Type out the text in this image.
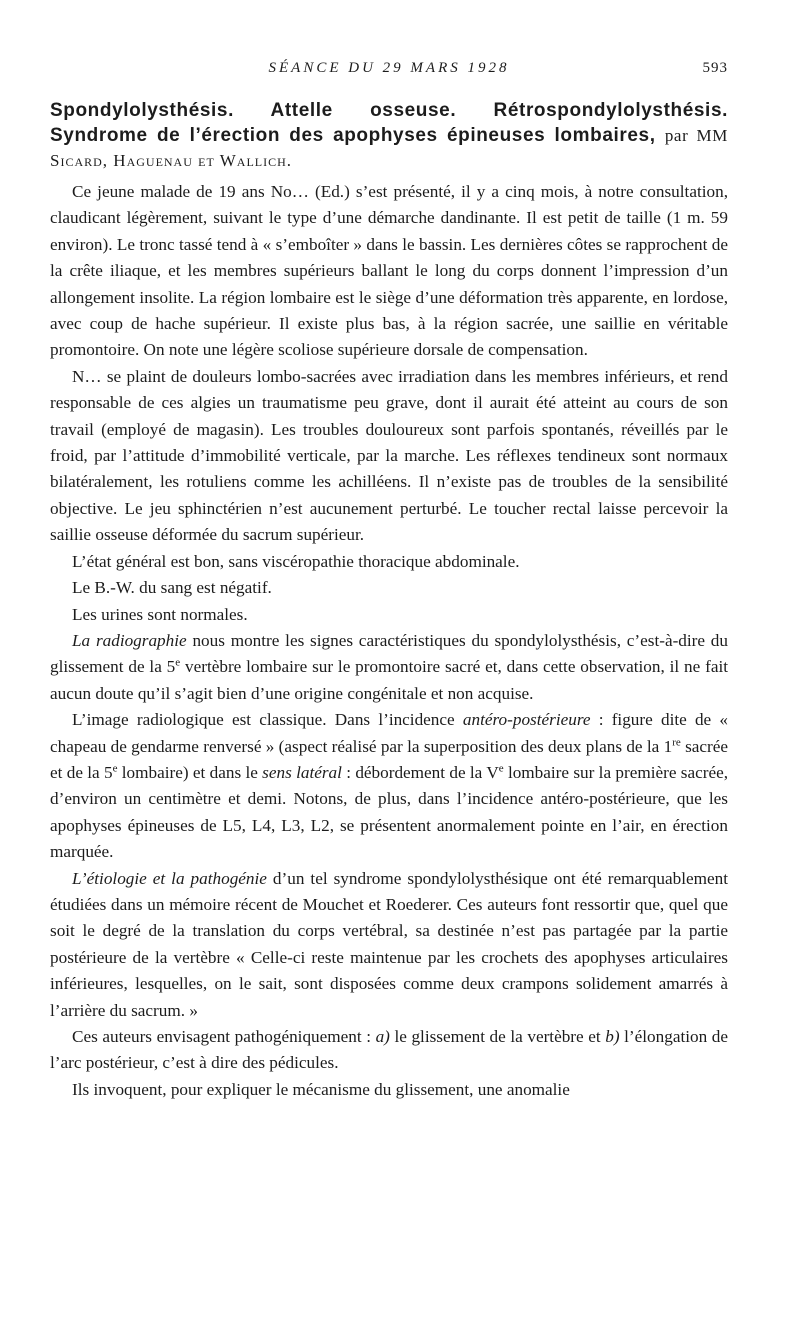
SÉANCE DU 29 MARS 1928	593
Spondylolysthésis. Attelle osseuse. Rétrospondylolysthésis. Syndrome de l’érection des apophyses épineuses lombaires, par MM Sicard, Haguenau et Wallich.

Ce jeune malade de 19 ans No… (Ed.) s’est présenté, il y a cinq mois, à notre consultation, claudicant légèrement, suivant le type d’une démarche dandinante. Il est petit de taille (1 m. 59 environ). Le tronc tassé tend à « s’emboîter » dans le bassin. Les dernières côtes se rapprochent de la crête iliaque, et les membres supérieurs ballant le long du corps donnent l’impression d’un allongement insolite. La région lombaire est le siège d’une déformation très apparente, en lordose, avec coup de hache supérieur. Il existe plus bas, à la région sacrée, une saillie en véritable promontoire. On note une légère scoliose supérieure dorsale de compensation.

N… se plaint de douleurs lombo-sacrées avec irradiation dans les membres inférieurs, et rend responsable de ces algies un traumatisme peu grave, dont il aurait été atteint au cours de son travail (employé de magasin). Les troubles douloureux sont parfois spontanés, réveillés par le froid, par l’attitude d’immobilité verticale, par la marche. Les réflexes tendineux sont normaux bilatéralement, les rotuliens comme les achilléens. Il n’existe pas de troubles de la sensibilité objective. Le jeu sphinctérien n’est aucunement perturbé. Le toucher rectal laisse percevoir la saillie osseuse déformée du sacrum supérieur.

L’état général est bon, sans viscéropathie thoracique abdominale.

Le B.-W. du sang est négatif.

Les urines sont normales.

La radiographie nous montre les signes caractéristiques du spondylolysthésis, c’est-à-dire du glissement de la 5e vertèbre lombaire sur le promontoire sacré et, dans cette observation, il ne fait aucun doute qu’il s’agit bien d’une origine congénitale et non acquise.

L’image radiologique est classique. Dans l’incidence antéro-postérieure : figure dite de « chapeau de gendarme renversé » (aspect réalisé par la superposition des deux plans de la 1re sacrée et de la 5e lombaire) et dans le sens latéral : débordement de la Ve lombaire sur la première sacrée, d’environ un centimètre et demi. Notons, de plus, dans l’incidence antéro-postérieure, que les apophyses épineuses de L5, L4, L3, L2, se présentent anormalement pointe en l’air, en érection marquée.

L’étiologie et la pathogénie d’un tel syndrome spondylolysthésique ont été remarquablement étudiées dans un mémoire récent de Mouchet et Roederer. Ces auteurs font ressortir que, quel que soit le degré de la translation du corps vertébral, sa destinée n’est pas partagée par la partie postérieure de la vertèbre « Celle-ci reste maintenue par les crochets des apophyses articulaires inférieures, lesquelles, on le sait, sont disposées comme deux crampons solidement amarrés à l’arrière du sacrum. »

Ces auteurs envisagent pathogéniquement : a) le glissement de la vertèbre et b) l’élongation de l’arc postérieur, c’est à dire des pédicules.

Ils invoquent, pour expliquer le mécanisme du glissement, une anomalie
